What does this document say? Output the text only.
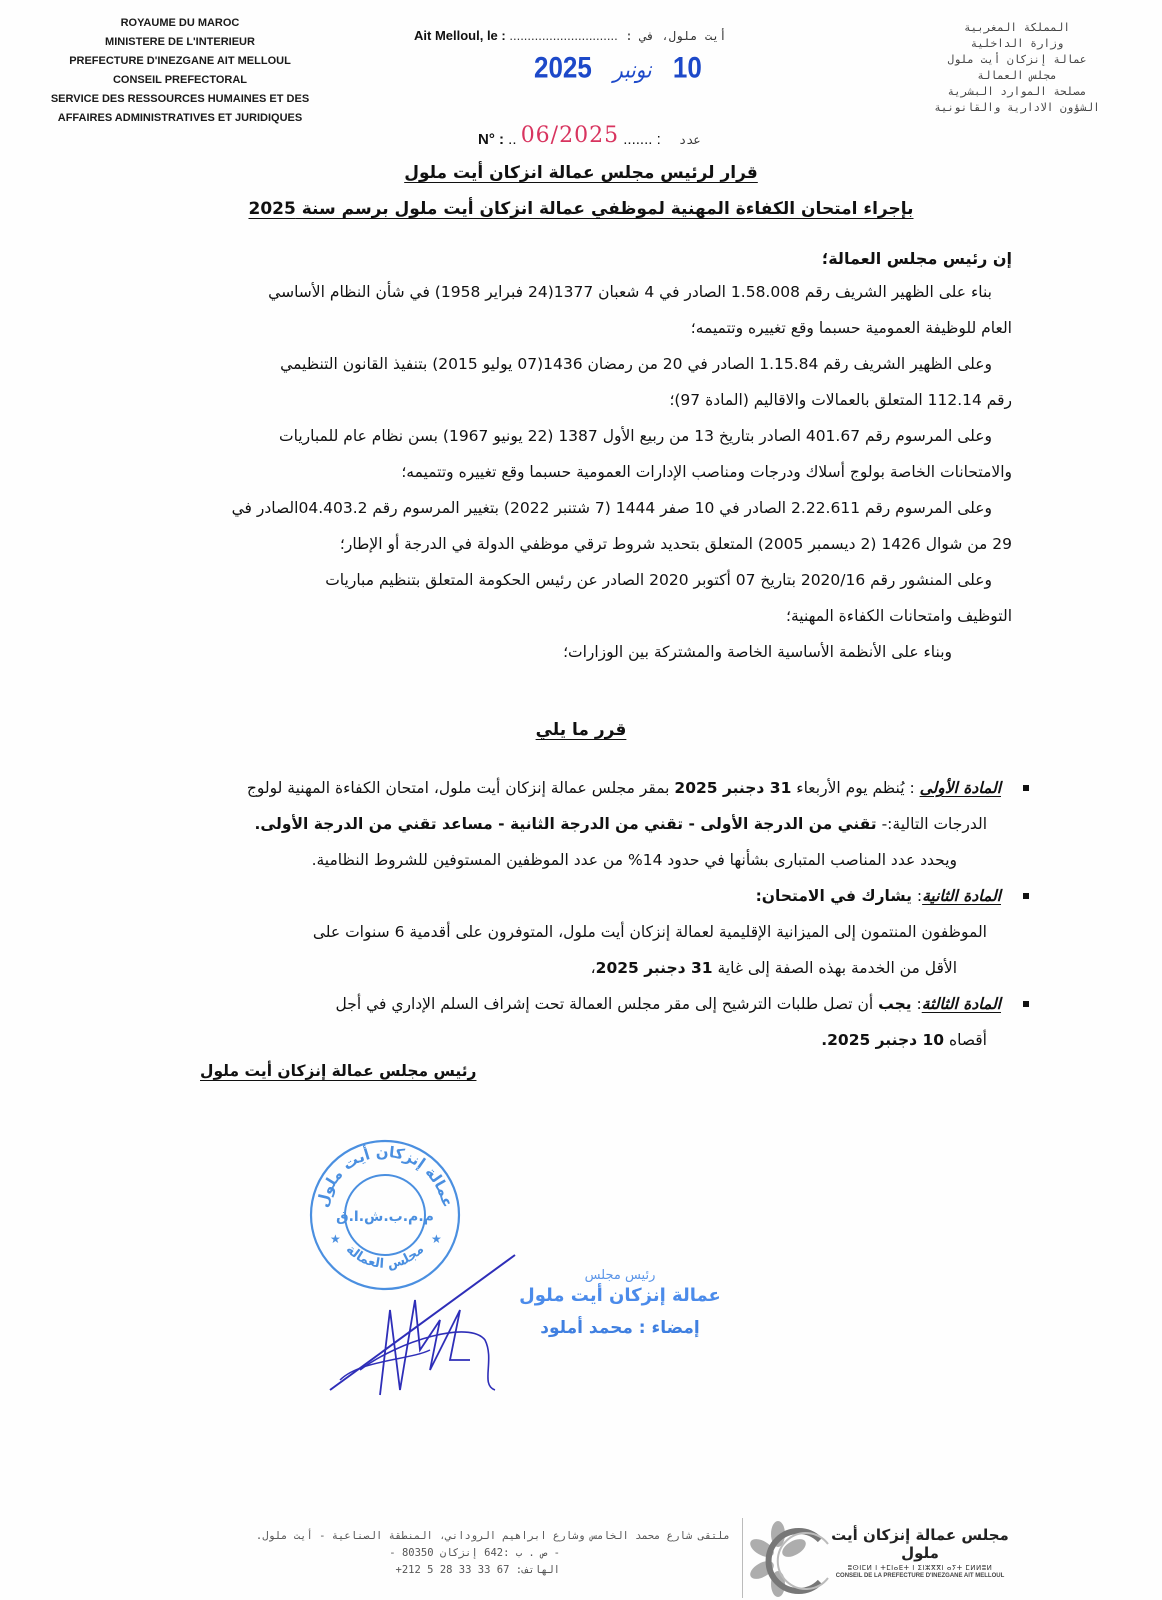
ROYAUME DU MAROC
MINISTERE DE L'INTERIEUR
PREFECTURE D'INEZGANE AIT MELLOUL
CONSEIL PREFECTORAL
SERVICE DES RESSOURCES HUMAINES ET DES
AFFAIRES ADMINISTRATIVES ET JURIDIQUES
المملكة المغربية
وزارة الداخلية
عمالة إنزكان أيت ملول
مجلس العمالة
مصلحة الموارد البشرية
الشؤون الادارية والقانونية
Ait Melloul, le : .............................. أيت ملول، في :
10 نونبر 2025
N° : .. 06/2025 ....... : عدد
قرار لرئيس مجلس عمالة انزكان أيت ملول
بإجراء امتحان الكفاءة المهنية لموظفي عمالة انزكان أيت ملول برسم سنة 2025

إن رئيس مجلس العمالة؛

بناء على الظهير الشريف رقم 1.58.008 الصادر في 4 شعبان 1377(24 فبراير 1958) في شأن النظام الأساسي

العام للوظيفة العمومية حسبما وقع تغييره وتتميمه؛

وعلى الظهير الشريف رقم 1.15.84 الصادر في 20 من رمضان 1436(07 يوليو 2015) بتنفيذ القانون التنظيمي

رقم 112.14 المتعلق بالعمالات والاقاليم (المادة 97)؛

وعلى المرسوم رقم 401.67 الصادر بتاريخ 13 من ربيع الأول 1387 (22 يونيو 1967) بسن نظام عام للمباريات

والامتحانات الخاصة بولوج أسلاك ودرجات ومناصب الإدارات العمومية حسبما وقع تغييره وتتميمه؛

وعلى المرسوم رقم 2.22.611 الصادر في 10 صفر 1444 (7 شتنبر 2022) بتغيير المرسوم رقم 04.403.2الصادر في

29 من شوال 1426 (2 ديسمبر 2005) المتعلق بتحديد شروط ترقي موظفي الدولة في الدرجة أو الإطار؛

وعلى المنشور رقم 2020/16 بتاريخ 07 أكتوبر 2020 الصادر عن رئيس الحكومة المتعلق بتنظيم مباريات

التوظيف وامتحانات الكفاءة المهنية؛

وبناء على الأنظمة الأساسية الخاصة والمشتركة بين الوزارات؛

قرر ما يلي

المادة الأولى : يُنظم يوم الأربعاء 31 دجنبر 2025 بمقر مجلس عمالة إنزكان أيت ملول، امتحان الكفاءة المهنية لولوج

الدرجات التالية:- تقني من الدرجة الأولى - تقني من الدرجة الثانية - مساعد تقني من الدرجة الأولى.

ويحدد عدد المناصب المتبارى بشأنها في حدود 14% من عدد الموظفين المستوفين للشروط النظامية.

المادة الثانية: يشارك في الامتحان:

الموظفون المنتمون إلى الميزانية الإقليمية لعمالة إنزكان أيت ملول، المتوفرون على أقدمية 6 سنوات على

الأقل من الخدمة بهذه الصفة إلى غاية 31 دجنبر 2025،

المادة الثالثة: يجب أن تصل طلبات الترشيح إلى مقر مجلس العمالة تحت إشراف السلم الإداري في أجل

أقصاه 10 دجنبر 2025.

رئيس مجلس عمالة إنزكان أيت ملول
عمالة إنزكان أيت ملول
مجلس العمالة
م.م.ب.ش.ا.ق
★	★
رئيس مجلس
عمالة إنزكان أيت ملول
إمضاء : محمد أملود
ملتقى شارع محمد الخامس وشارع ابراهيم الروداني، المنطقة الصناعية - أيت ملول.
- ص . ب :642 إنزكان 80350 -
الهاتف: 67 33 33 28 5 212+
مجلس عمالة إنزكان أيت ملول
ⵓⵙⵏⵎⵍ ⵏ ⵜⵎⵏⴰⴹⵜ ⵏ ⵉⵏⵣⴳⴳⵏ ⴰⵢⵜ ⵎⵍⵍⵓⵍ
CONSEIL DE LA PREFECTURE D'INEZGANE AIT MELLOUL
